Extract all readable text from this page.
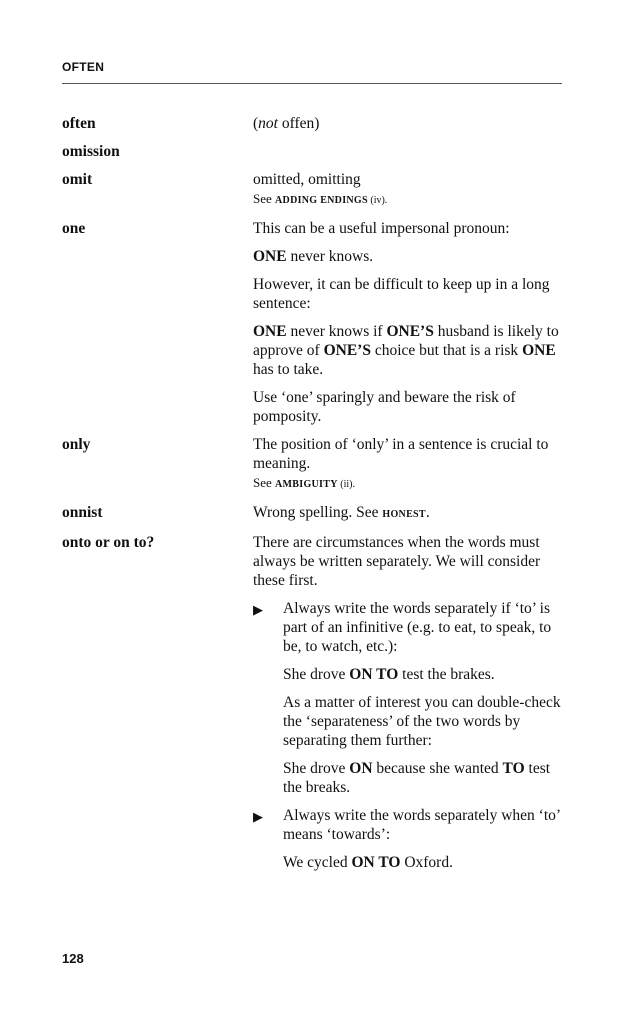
OFTEN
often	(not offen)
omission

omit	omitted, omitting
See ADDING ENDINGS (iv).
one	This can be a useful impersonal pronoun:

ONE never knows.

However, it can be difficult to keep up in a long sentence:

ONE never knows if ONE’S husband is likely to approve of ONE’S choice but that is a risk ONE has to take.

Use ‘one’ sparingly and beware the risk of pomposity.

only	The position of ‘only’ in a sentence is crucial to meaning.
See AMBIGUITY (ii).
onnist	Wrong spelling. See HONEST.
onto or on to?	There are circumstances when the words must always be written separately. We will consider these first.

▶ Always write the words separately if ‘to’ is part of an infinitive (e.g. to eat, to speak, to be, to watch, etc.):

She drove ON TO test the brakes.

As a matter of interest you can double-check the ‘separateness’ of the two words by separating them further:

She drove ON because she wanted TO test the breaks.

▶ Always write the words separately when ‘to’ means ‘towards’:

We cycled ON TO Oxford.

128
